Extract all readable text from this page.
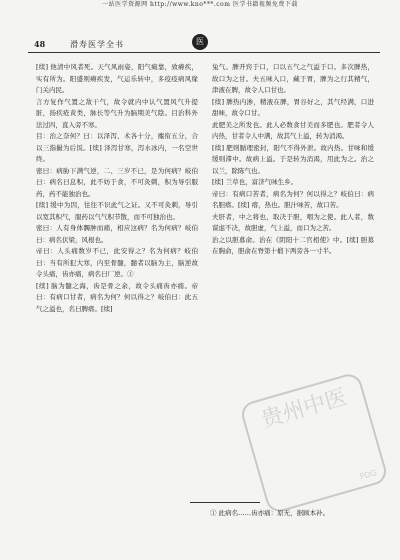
一站医学资源网 http://www.kno***.com 医学书籍视频免费下载
48	滑寿医学全书	医

[续] 他清中风者死。天气风雨姿，阳气癍靠，致瘠疾，实有所为。阳盛则瘠疾发，气运乐转中，多疫疫病风缘门关内民。

言方复作气置之敌干气，故令就内中认气置风气升提脏，扬疾疮黄类，脉长等气升为脑期美气陰。目治科外法过四，直入旁不寒。

目：治之奈何？曰：以泽泻、术各十分，麋衔五分，合以三指撮为后饭。[续] 泽泻甘寒，泻水冰内，一名空世终。

密曰：病胁下满气逆，二、三岁不已，是为何病？岐伯曰：病名曰息积，此不妨于食，不可灸刺，积为导引服药，药不能独治也。

[续] 缓中为因，往往不识此气之证。又不可灸刺，导引以宽其积气，服药以气气积节散，而不可独治也。

密曰：人有身体髑肿而痛，相应这病？名为何病？岐伯曰：病名伏梁，风根也。

帝曰：人头痛数岁不已，此安得之？名为何病？岐伯曰：当有所犯大寒，内至骨髓，髓者以脑为主，脑逆故令头痛，齿亦痛，病名曰厂逆。①

[续] 脑为髓之海，齿是骨之余，故令头痛齿亦痛。帝曰：有病口甘者，病名为何？何以得之？岐伯曰：此五气之溢也，名曰脾瘩。[续]

兔气。脾开窍于口，口以五气之气溢于口。多次脾热，故口为之甘。夫五味入口，藏于胃，脾为之行其精气，津液在脾，故令人口甘也。

[续] 脾热内渗，精液在脾，胃谷好之，其气经满，口进甜味，故令口甘。

此肥美之所发也。此人必数食甘美而多肥也。肥者令人内热，甘者令人中满，故其气上溢，转为消渴。

[续] 肥则腯理密封，阳气不得外泄。故内热。甘味和缓缓则滞中。故病上溢。于是转为消渴，用此为之。治之以兰，除陈气也。

[续] 兰草也，富济气味生乡。

帝曰：有病口苦者，病名为何？何以得之？岐伯曰：病名胆瘩。[续] 瘩，热也。胆汁味苦，故口苦。

夫肝者，中之将也，取决于胆，咽为之使。此人者，数谋虑不决，故胆虚，气上溢，而口为之苦。

治之以胆募俞。治在《阴阳十二官相使》中。[续] 胆募在胸俞，胆俞在脊第十椴下两旁各一寸半。

贵州中医
PDG
① 此病名……齿亦痛：原无，据顾本补。
